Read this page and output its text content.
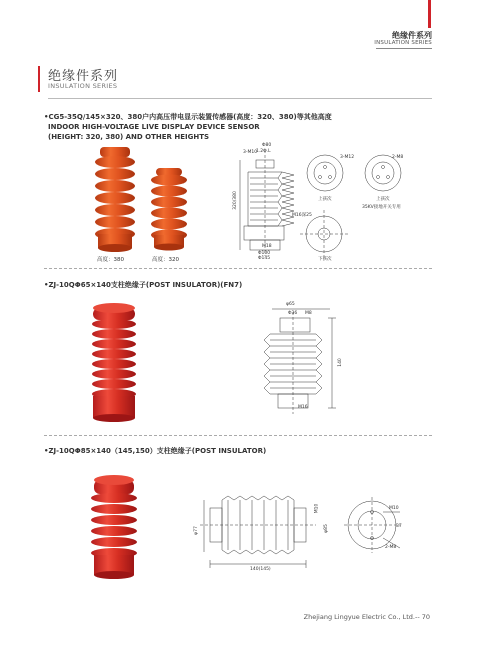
绝缘件系列
INSULATION SERIES
绝缘件系列
INSULATION SERIES
•CG5-35Q/145×320、380户内高压带电显示装置传感器(高度：320、380)等其他高度
INDOOR HIGH-VOLTAGE LIVE DISPLAY DEVICE SENSOR
(HEIGHT: 320, 380) AND OTHER HEIGHTS
高度：380	高度：320
3-M10
Φ80
1.2Φ.L
320/380
M16深25
M18
Φ100
Φ145
3-M12	2-M8
上孩次	上孩次
35KV接地开关专用
下孩次
•ZJ-10QΦ65×140支柱绝缘子(POST INSULATOR)(FN7)
φ65
Φ36 M8
140
M16
•ZJ-10QΦ85×140（145,150）支柱绝缘子(POST INSULATOR)
φ77
M10
φ85
140(145)
M10
37
2-M8
Zhejiang Lingyue Electric Co., Ltd.-- 70
